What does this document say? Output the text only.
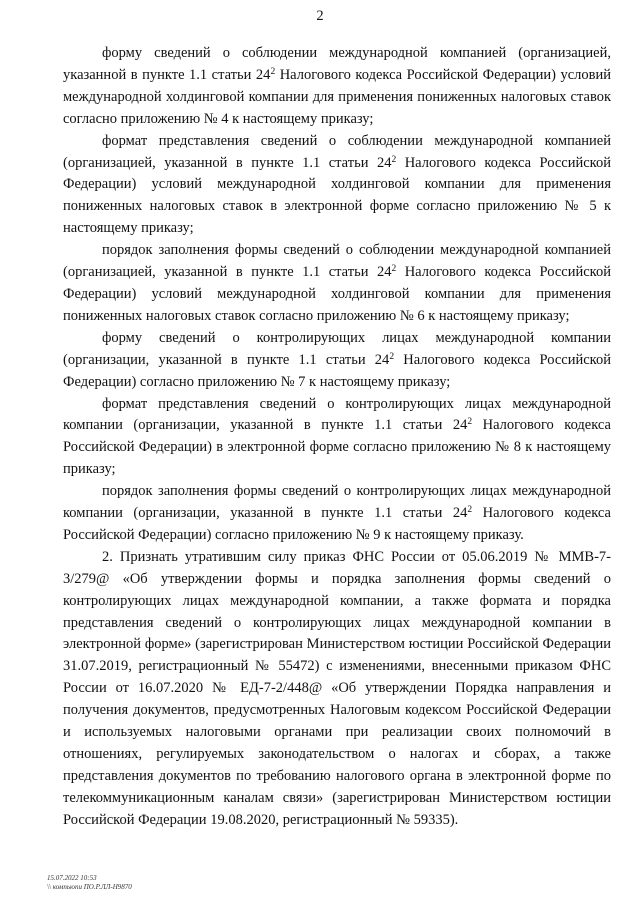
2

форму сведений о соблюдении международной компанией (организацией, указанной в пункте 1.1 статьи $24^2$ Налогового кодекса Российской Федерации) условий международной холдинговой компании для применения пониженных налоговых ставок согласно приложению № 4 к настоящему приказу;

формат представления сведений о соблюдении международной компанией (организацией, указанной в пункте 1.1 статьи $24^2$ Налогового кодекса Российской Федерации) условий международной холдинговой компании для применения пониженных налоговых ставок в электронной форме согласно приложению № 5 к настоящему приказу;

порядок заполнения формы сведений о соблюдении международной компанией (организацией, указанной в пункте 1.1 статьи $24^2$ Налогового кодекса Российской Федерации) условий международной холдинговой компании для применения пониженных налоговых ставок согласно приложению № 6 к настоящему приказу;

форму сведений о контролирующих лицах международной компании (организации, указанной в пункте 1.1 статьи $24^2$ Налогового кодекса Российской Федерации) согласно приложению № 7 к настоящему приказу;

формат представления сведений о контролирующих лицах международной компании (организации, указанной в пункте 1.1 статьи $24^2$ Налогового кодекса Российской Федерации) в электронной форме согласно приложению № 8 к настоящему приказу;

порядок заполнения формы сведений о контролирующих лицах международной компании (организации, указанной в пункте 1.1 статьи $24^2$ Налогового кодекса Российской Федерации) согласно приложению № 9 к настоящему приказу.

2. Признать утратившим силу приказ ФНС России от 05.06.2019 № ММВ-7-3/279@ «Об утверждении формы и порядка заполнения формы сведений о контролирующих лицах международной компании, а также формата и порядка представления сведений о контролирующих лицах международной компании в электронной форме» (зарегистрирован Министерством юстиции Российской Федерации 31.07.2019, регистрационный № 55472) с изменениями, внесенными приказом ФНС России от 16.07.2020 № ЕД-7-2/448@ «Об утверждении Порядка направления и получения документов, предусмотренных Налоговым кодексом Российской Федерации и используемых налоговыми органами при реализации своих полномочий в отношениях, регулируемых законодательством о налогах и сборах, а также представления документов по требованию налогового органа в электронной форме по телекоммуникационным каналам связи» (зарегистрирован Министерством юстиции Российской Федерации 19.08.2020, регистрационный № 59335).

15.07.2022 10:53
\\ компьюпи ПО.Р.ЛЛ-Н9870
